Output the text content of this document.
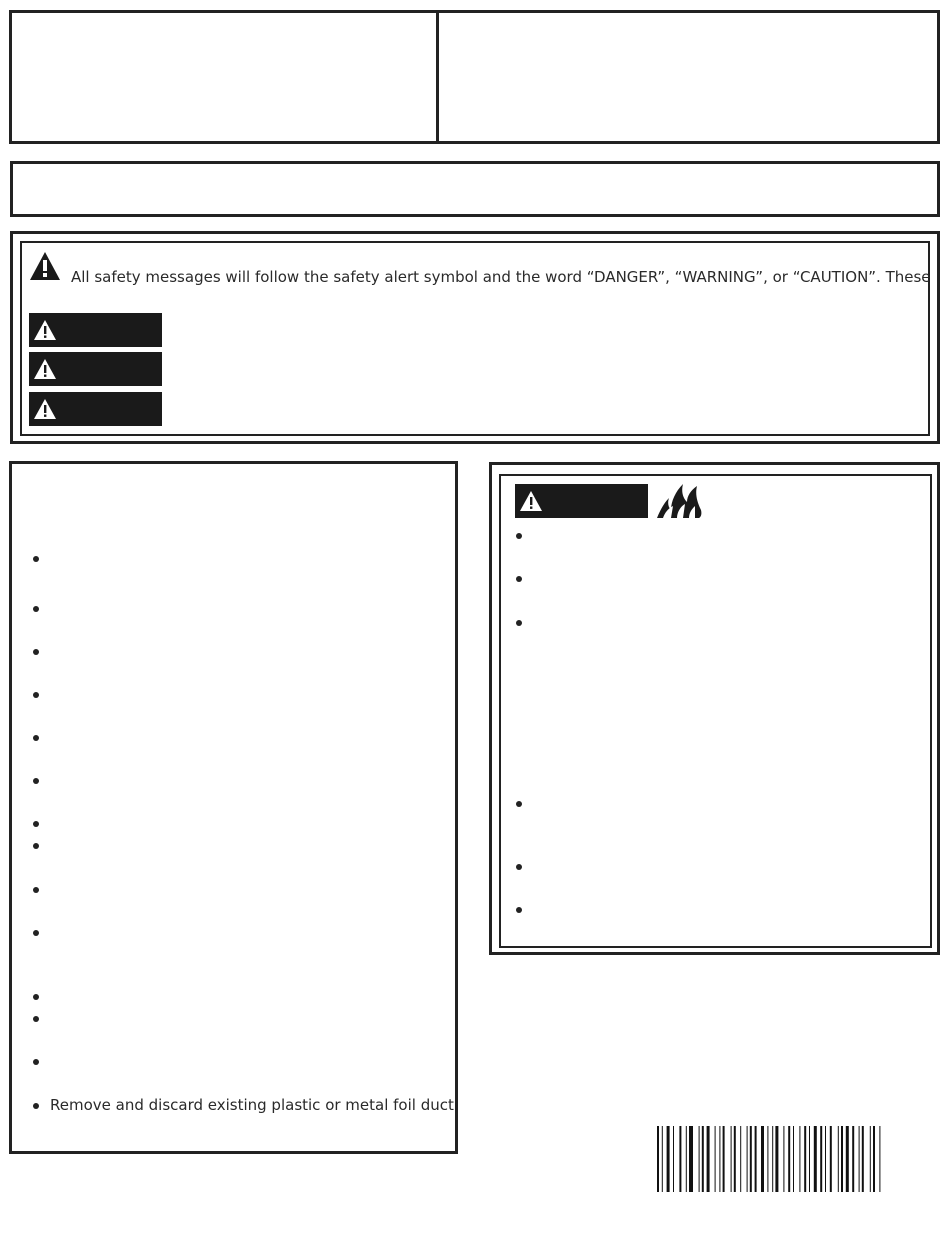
All safety messages will follow the safety alert symbol and the word “DANGER”, “WARNING”, or “CAUTION”. These
Remove and discard existing plastic or metal foil duct
